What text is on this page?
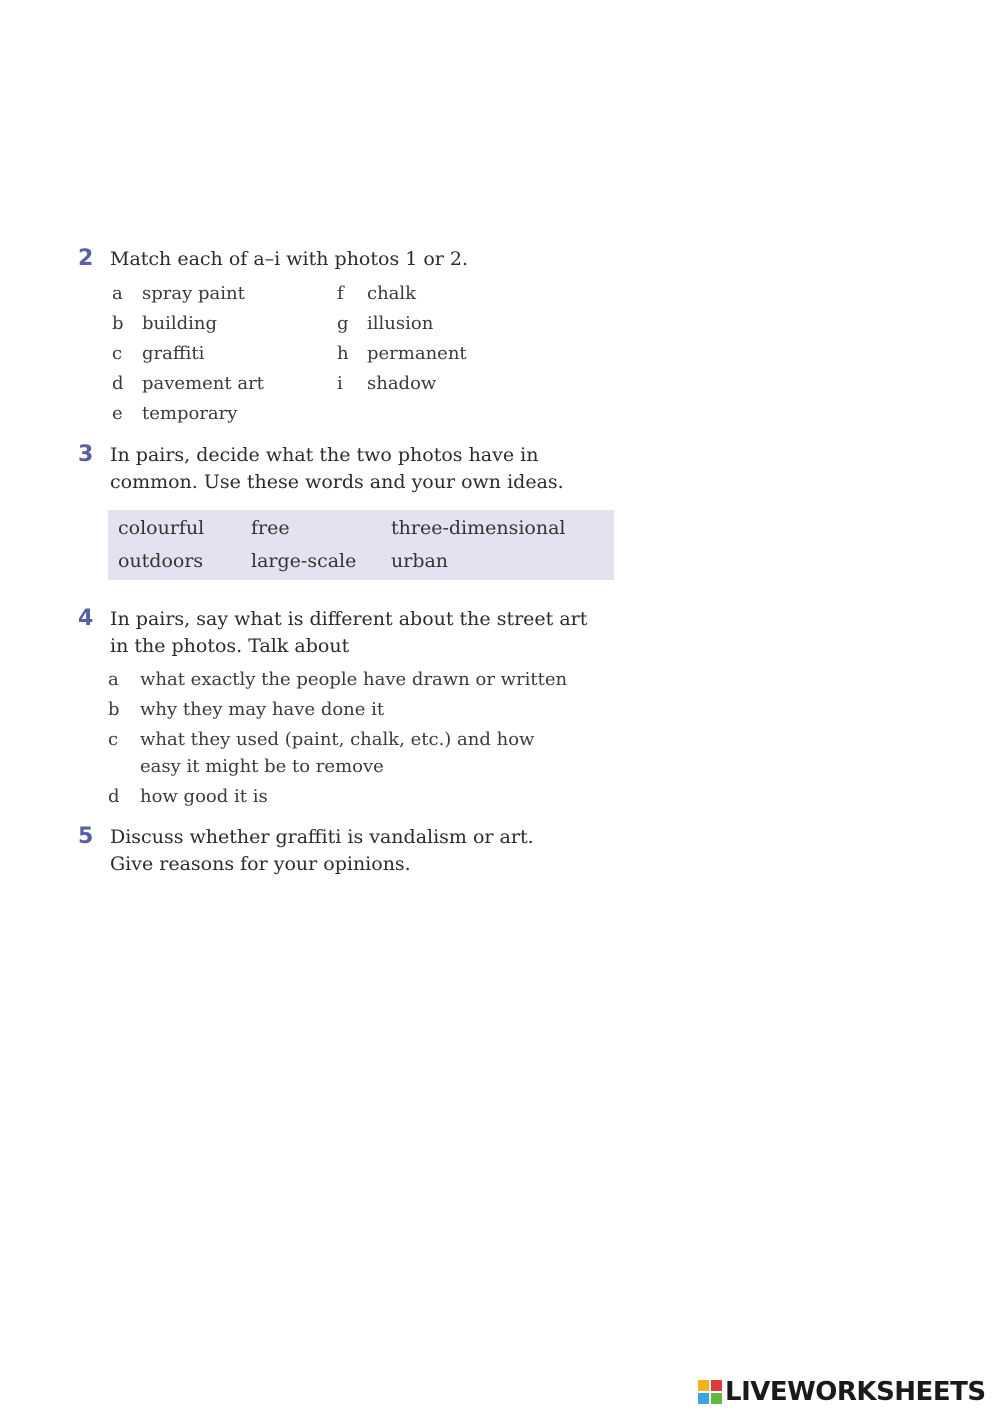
2 Match each of a–i with photos 1 or 2.
a spray paint
b building
c graffiti
d pavement art
e temporary
f chalk
g illusion
h permanent
i shadow
3 In pairs, decide what the two photos have in common. Use these words and your own ideas.
colourful free	three-dimensional
outdoors	large-scale urban
4 In pairs, say what is different about the street art in the photos. Talk about
a what exactly the people have drawn or written
b why they may have done it
c what they used (paint, chalk, etc.) and how easy it might be to remove
d how good it is
5 Discuss whether graffiti is vandalism or art. Give reasons for your opinions.
LIVEWORKSHEETS
